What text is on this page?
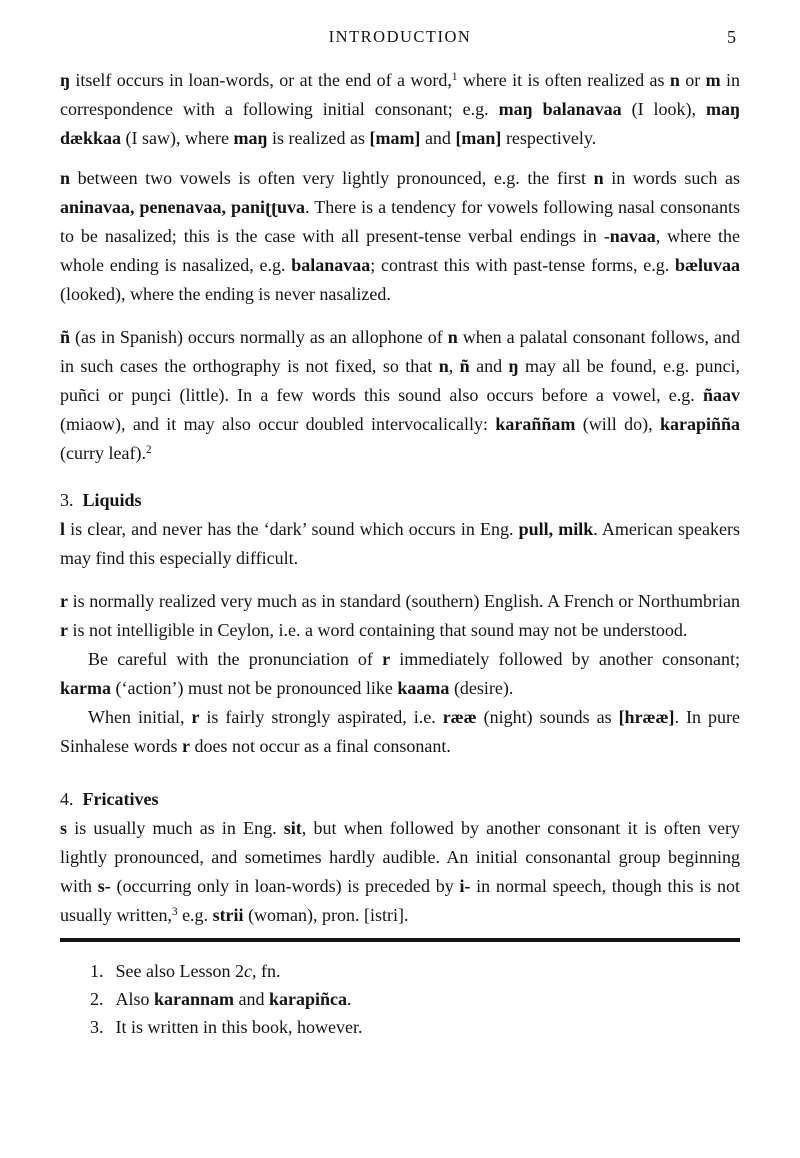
INTRODUCTION	5

ŋ itself occurs in loan-words, or at the end of a word,$^1$ where it is often realized as n or m in correspondence with a following initial consonant; e.g. maŋ balanavaa (I look), maŋ dækkaa (I saw), where maŋ is realized as [mam] and [man] respectively.

n between two vowels is often very lightly pronounced, e.g. the first n in words such as aninavaa, penenavaa, paniʈʈuva. There is a tendency for vowels following nasal consonants to be nasalized; this is the case with all present-tense verbal endings in -navaa, where the whole ending is nasalized, e.g. balanavaa; contrast this with past-tense forms, e.g. bæluvaa (looked), where the ending is never nasalized.

ñ (as in Spanish) occurs normally as an allophone of n when a palatal consonant follows, and in such cases the orthography is not fixed, so that n, ñ and ŋ may all be found, e.g. punci, puñci or puŋci (little). In a few words this sound also occurs before a vowel, e.g. ñaav (miaow), and it may also occur doubled intervocalically: karaññam (will do), karapiñña (curry leaf).$^2$

3.  Liquids

l is clear, and never has the ‘dark’ sound which occurs in Eng. pull, milk. American speakers may find this especially difficult.

r is normally realized very much as in standard (southern) English. A French or Northumbrian r is not intelligible in Ceylon, i.e. a word containing that sound may not be understood.

Be careful with the pronunciation of r immediately followed by another consonant; karma (‘action’) must not be pronounced like kaama (desire).

When initial, r is fairly strongly aspirated, i.e. rææ (night) sounds as [hrææ]. In pure Sinhalese words r does not occur as a final consonant.

4.  Fricatives

s is usually much as in Eng. sit, but when followed by another consonant it is often very lightly pronounced, and sometimes hardly audible. An initial consonantal group beginning with s- (occurring only in loan-words) is preceded by i- in normal speech, though this is not usually written,$^3$ e.g. strii (woman), pron. [istri].

1. See also Lesson 2c, fn.
2. Also karannam and karapiñca.
3. It is written in this book, however.
